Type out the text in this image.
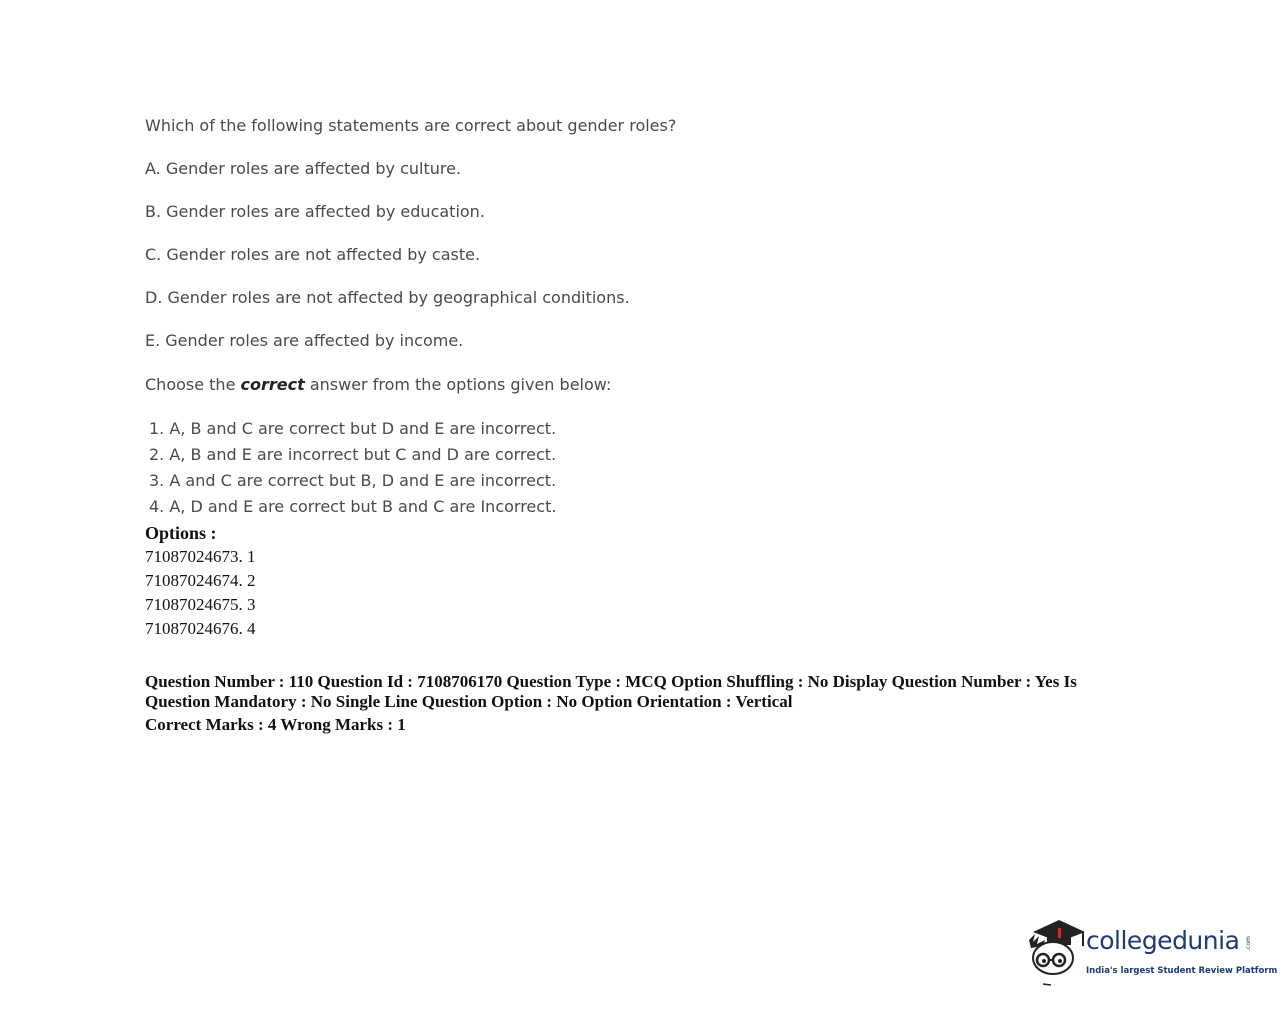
Which of the following statements are correct about gender roles?
A. Gender roles are affected by culture.
B. Gender roles are affected by education.
C. Gender roles are not affected by caste.
D. Gender roles are not affected by geographical conditions.
E. Gender roles are affected by income.
Choose the correct answer from the options given below:
1. A, B and C are correct but D and E are incorrect.
2. A, B and E are incorrect but C and D are correct.
3. A and C are correct but B, D and E are incorrect.
4. A, D and E are correct but B and C are Incorrect.
Options :
71087024673. 1
71087024674. 2
71087024675. 3
71087024676. 4
Question Number : 110 Question Id : 7108706170 Question Type : MCQ Option Shuffling : No Display Question Number : Yes Is Question Mandatory : No Single Line Question Option : No Option Orientation : Vertical
Correct Marks : 4 Wrong Marks : 1
collegedunia .com
India's largest Student Review Platform
